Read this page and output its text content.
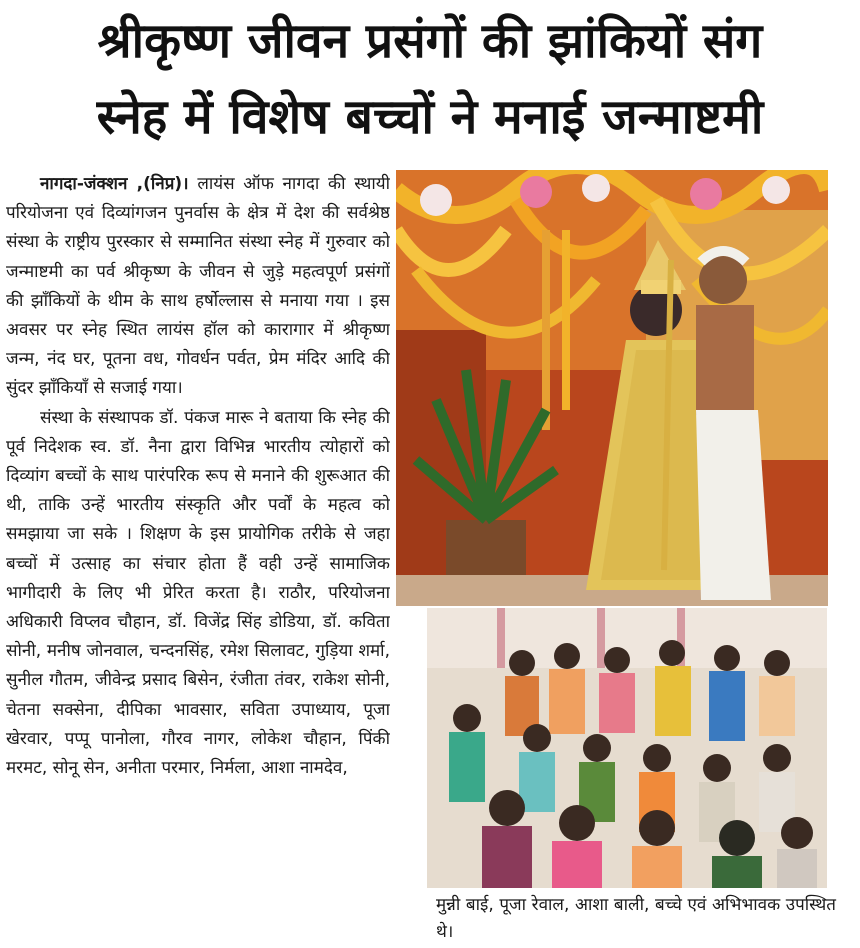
श्रीकृष्ण जीवन प्रसंगों की झांकियों संग
स्नेह में विशेष बच्चों ने मनाई जन्माष्टमी

नागदा-जंक्शन ,(निप्र)। लायंस ऑफ नागदा की स्थायी परियोजना एवं दिव्यांगजन पुनर्वास के क्षेत्र में देश की सर्वश्रेष्ठ संस्था के राष्ट्रीय पुरस्कार से सम्मानित संस्था स्नेह में गुरुवार को जन्माष्टमी का पर्व श्रीकृष्ण के जीवन से जुड़े महत्वपूर्ण प्रसंगों की झाँकियों के थीम के साथ हर्षोल्लास से मनाया गया । इस अवसर पर स्नेह स्थित लायंस हॉल को कारागार में श्रीकृष्ण जन्म, नंद घर, पूतना वध, गोवर्धन पर्वत, प्रेम मंदिर आदि की सुंदर झाँकियाँ से सजाई गया।

संस्था के संस्थापक डॉ. पंकज मारू ने बताया कि स्नेह की पूर्व निदेशक स्व. डॉ. नैना द्वारा विभिन्न भारतीय त्योहारों को दिव्यांग बच्चों के साथ पारंपरिक रूप से मनाने की शुरूआत की थी, ताकि उन्हें भारतीय संस्कृति और पर्वों के महत्व को समझाया जा सके । शिक्षण के इस प्रायोगिक तरीके से जहा बच्चों में उत्साह का संचार होता हैं वही उन्हें सामाजिक भागीदारी के लिए भी प्रेरित करता है। राठौर, परियोजना अधिकारी विप्लव चौहान, डॉ. विजेंद्र सिंह डोडिया, डॉ. कविता सोनी, मनीष जोनवाल, चन्दनसिंह, रमेश सिलावट, गुड़िया शर्मा, सुनील गौतम, जीवेन्द्र प्रसाद बिसेन, रंजीता तंवर, राकेश सोनी, चेतना सक्सेना, दीपिका भावसार, सविता उपाध्याय, पूजा खेरवार, पप्पू पानोला, गौरव नागर, लोकेश चौहान, पिंकी मरमट, सोनू सेन, अनीता परमार, निर्मला, आशा नामदेव,

मुन्नी बाई, पूजा रेवाल, आशा बाली, बच्चे एवं अभिभावक उपस्थित थे।
